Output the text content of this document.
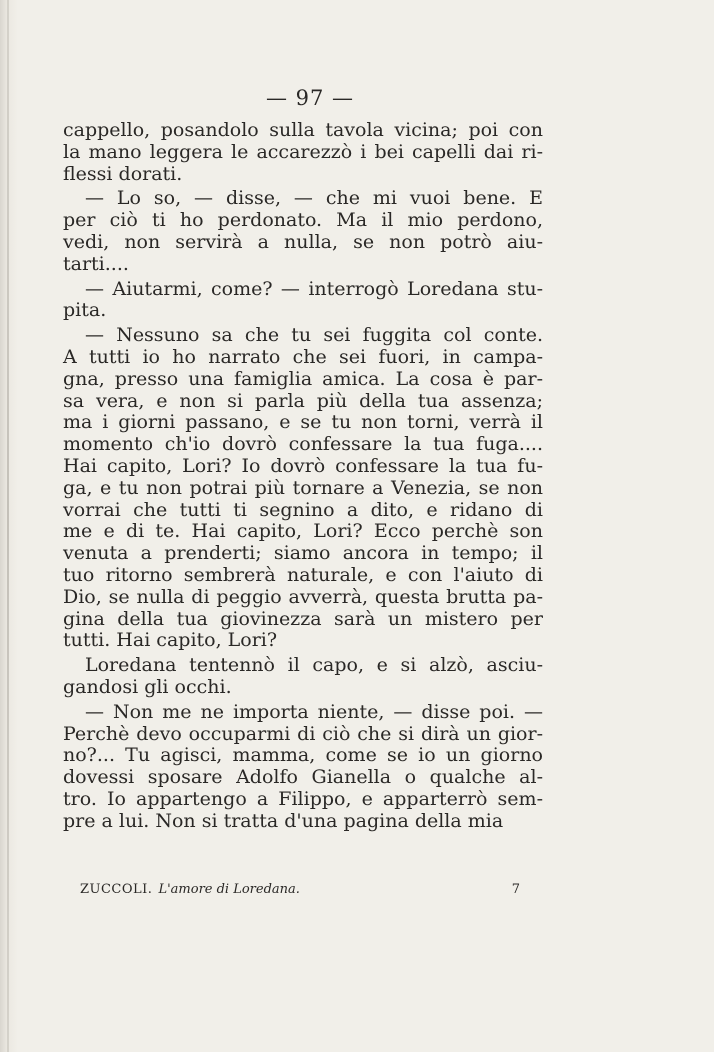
— 97 —
cappello, posandolo sulla tavola vicina; poi con
la mano leggera le accarezzò i bei capelli dai ri-
flessi dorati.
— Lo so, — disse, — che mi vuoi bene. E
per ciò ti ho perdonato. Ma il mio perdono,
vedi, non servirà a nulla, se non potrò aiu-
tarti....
— Aiutarmi, come? — interrogò Loredana stu-
pita.
— Nessuno sa che tu sei fuggita col conte.
A tutti io ho narrato che sei fuori, in campa-
gna, presso una famiglia amica. La cosa è par-
sa vera, e non si parla più della tua assenza;
ma i giorni passano, e se tu non torni, verrà il
momento ch'io dovrò confessare la tua fuga....
Hai capito, Lori? Io dovrò confessare la tua fu-
ga, e tu non potrai più tornare a Venezia, se non
vorrai che tutti ti segnino a dito, e ridano di
me e di te. Hai capito, Lori? Ecco perchè son
venuta a prenderti; siamo ancora in tempo; il
tuo ritorno sembrerà naturale, e con l'aiuto di
Dio, se nulla di peggio avverrà, questa brutta pa-
gina della tua giovinezza sarà un mistero per
tutti. Hai capito, Lori?
Loredana tentennò il capo, e si alzò, asciu-
gandosi gli occhi.
— Non me ne importa niente, — disse poi. —
Perchè devo occuparmi di ciò che si dirà un gior-
no?... Tu agisci, mamma, come se io un giorno
dovessi sposare Adolfo Gianella o qualche al-
tro. Io appartengo a Filippo, e apparterrò sem-
pre a lui. Non si tratta d'una pagina della mia
ZUCCOLI. L'amore di Loredana.	7
